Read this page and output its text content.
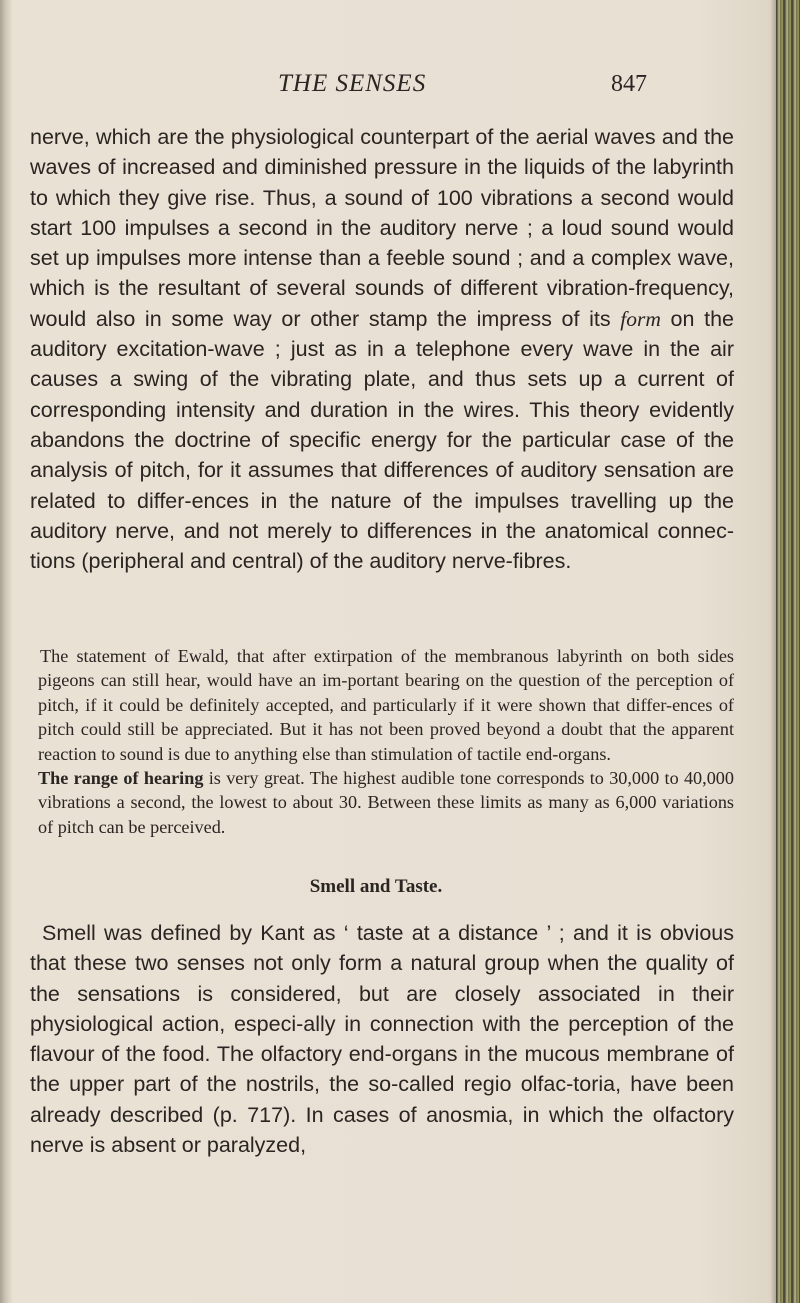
THE SENSES	847

nerve, which are the physiological counterpart of the aerial waves and the waves of increased and diminished pressure in the liquids of the labyrinth to which they give rise. Thus, a sound of 100 vibrations a second would start 100 impulses a second in the auditory nerve ; a loud sound would set up impulses more intense than a feeble sound ; and a complex wave, which is the resultant of several sounds of different vibration-frequency, would also in some way or other stamp the impress of its form on the auditory excitation-wave ; just as in a telephone every wave in the air causes a swing of the vibrating plate, and thus sets up a current of corresponding intensity and duration in the wires. This theory evidently abandons the doctrine of specific energy for the particular case of the analysis of pitch, for it assumes that differences of auditory sensation are related to differ-ences in the nature of the impulses travelling up the auditory nerve, and not merely to differences in the anatomical connec-tions (peripheral and central) of the auditory nerve-fibres.

The statement of Ewald, that after extirpation of the membranous labyrinth on both sides pigeons can still hear, would have an im-portant bearing on the question of the perception of pitch, if it could be definitely accepted, and particularly if it were shown that differ-ences of pitch could still be appreciated. But it has not been proved beyond a doubt that the apparent reaction to sound is due to anything else than stimulation of tactile end-organs.

The range of hearing is very great. The highest audible tone corresponds to 30,000 to 40,000 vibrations a second, the lowest to about 30. Between these limits as many as 6,000 variations of pitch can be perceived.

Smell and Taste.

Smell was defined by Kant as ‘ taste at a distance ’ ; and it is obvious that these two senses not only form a natural group when the quality of the sensations is considered, but are closely associated in their physiological action, especi-ally in connection with the perception of the flavour of the food. The olfactory end-organs in the mucous membrane of the upper part of the nostrils, the so-called regio olfac-toria, have been already described (p. 717). In cases of anosmia, in which the olfactory nerve is absent or paralyzed,
